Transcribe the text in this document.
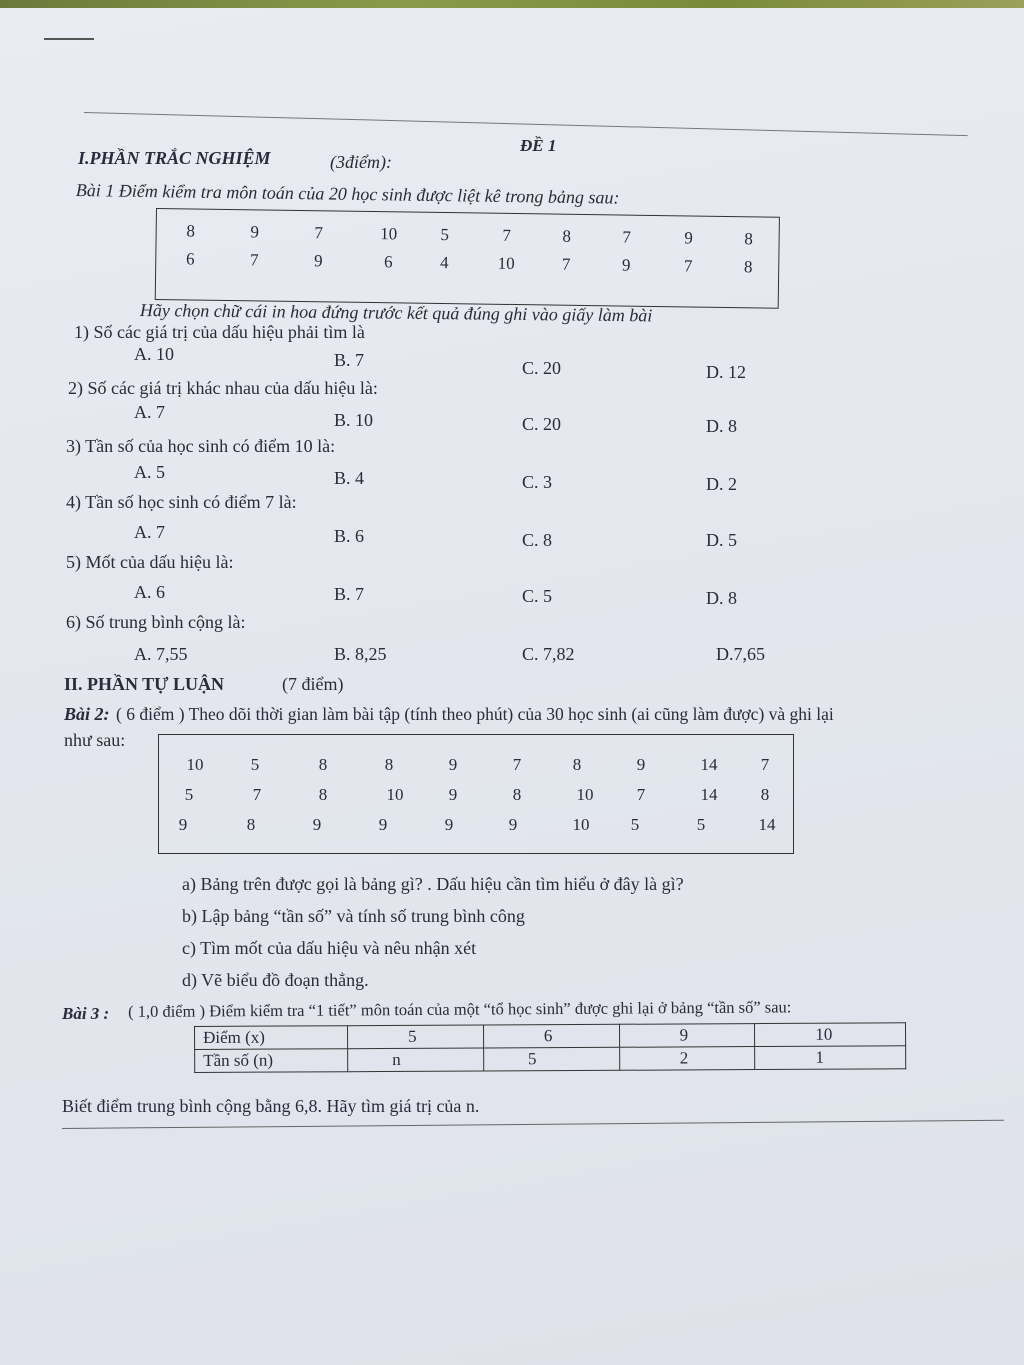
ĐỀ 1
I.PHẦN TRẮC NGHIỆM	(3điểm):
Bài 1 Điểm kiểm tra môn toán của 20 học sinh được liệt kê trong bảng sau:
8	9	7	10	5	7	8	7	9	8
6	7	9	6	4	10	7	9	7	8
Hãy chọn chữ cái in hoa đứng trước kết quả đúng ghi vào giấy làm bài
1) Số các giá trị của dấu hiệu phải tìm là
A. 10	B. 7	C. 20	D. 12
2) Số các giá trị khác nhau của dấu hiệu là:
A. 7	B. 10	C. 20	D. 8
3) Tần số của học sinh có điểm 10 là:
A. 5	B. 4	C. 3	D. 2
4) Tần số học sinh có điểm 7 là:
A. 7	B. 6	C. 8	D. 5
5) Mốt của dấu hiệu là:
A. 6	B. 7	C. 5	D. 8
6) Số trung bình cộng là:
A. 7,55	B. 8,25	C. 7,82	D.7,65
II. PHẦN TỰ LUẬN	(7 điểm)
Bài 2: ( 6 điểm ) Theo dõi thời gian làm bài tập (tính theo phút) của 30 học sinh (ai cũng làm được) và ghi lại
như sau:
10	5	8	8	9	7	8	9	14	7
5	7	8	10	9	8	10	7	14	8
9	8	9	9	9	9	10	5	5	14
a) Bảng trên được gọi là bảng gì? . Dấu hiệu cần tìm hiểu ở đây là gì?
b) Lập bảng “tần số” và tính số trung bình công
c) Tìm mốt của dấu hiệu và nêu nhận xét
d) Vẽ biểu đồ đoạn thẳng.
Bài 3 : ( 1,0 điểm ) Điểm kiểm tra “1 tiết” môn toán của một “tổ học sinh” được ghi lại ở bảng “tần số” sau:
Điểm (x)	5	6	9	10
Tần số (n)	n	5	2	1
Biết điểm trung bình cộng bằng 6,8. Hãy tìm giá trị của n.
